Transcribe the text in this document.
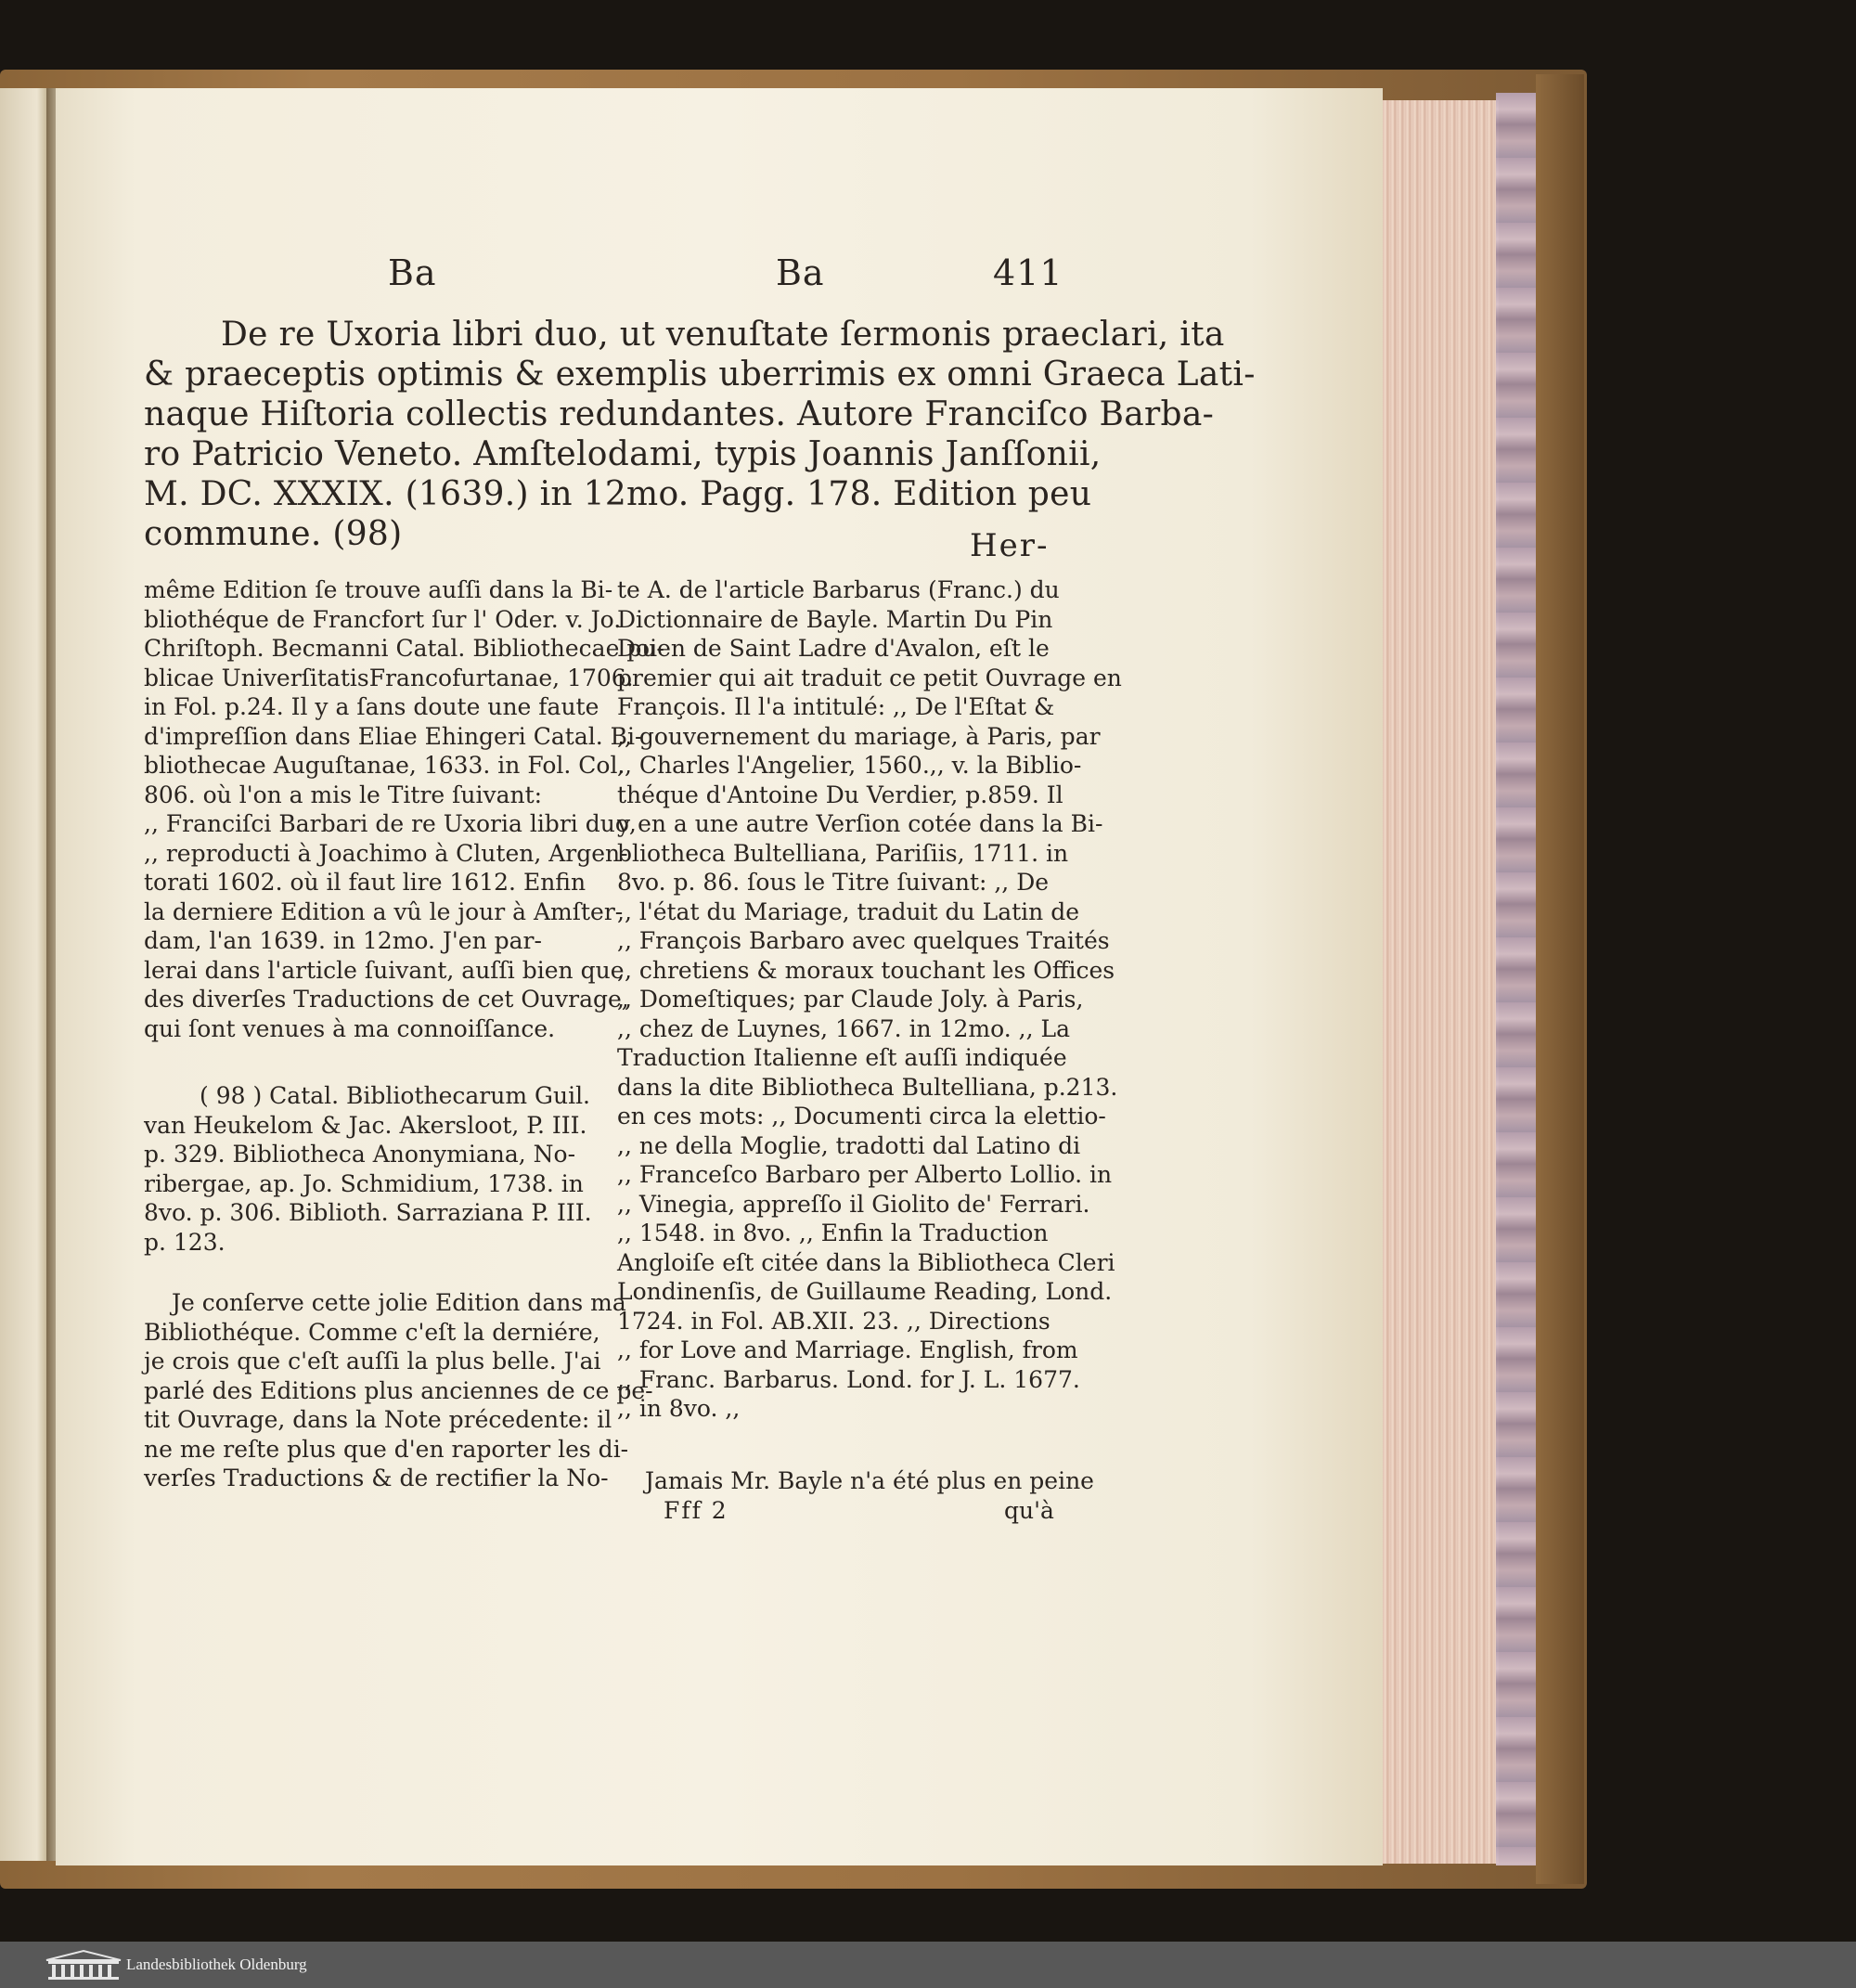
Ba	Ba	411
De re Uxoria libri duo, ut venuſtate ſermonis praeclari, ita
& praeceptis optimis & exemplis uberrimis ex omni Graeca Lati-
naque Hiſtoria collectis redundantes. Autore Franciſco Barba-
ro Patricio Veneto. Amſtelodami, typis Joannis Janſſonii,
M. DC. XXXIX. (1639.) in 12mo. Pagg. 178. Edition peu
commune. (98)	Her-

même Edition ſe trouve auſſi dans la Bi-

bliothéque de Francfort ſur l' Oder. v. Jo.

Chriſtoph. Becmanni Catal. Bibliothecae pu-

blicae UniverſitatisFrancofurtanae, 1706.

in Fol. p.24. Il y a ſans doute une faute

d'impreſſion dans Eliae Ehingeri Catal. Bi-

bliothecae Auguſtanae, 1633. in Fol. Col.

806. où l'on a mis le Titre ſuivant:

,, Franciſci Barbari de re Uxoria libri duo,

,, reproducti à Joachimo à Cluten, Argen-

torati 1602. où il faut lire 1612. Enfin

la derniere Edition a vû le jour à Amſter-

dam, l'an 1639. in 12mo. J'en par-

lerai dans l'article ſuivant, auſſi bien que

des diverſes Traductions de cet Ouvrage,

qui ſont venues à ma connoiſſance.

( 98 ) Catal. Bibliothecarum Guil.

van Heukelom & Jac. Akersloot, P. III.

p. 329. Bibliotheca Anonymiana, No-

ribergae, ap. Jo. Schmidium, 1738. in

8vo. p. 306. Biblioth. Sarraziana P. III.

p. 123.

Je conſerve cette jolie Edition dans ma

Bibliothéque. Comme c'eſt la derniére,

je crois que c'eſt auſſi la plus belle. J'ai

parlé des Editions plus anciennes de ce pe-

tit Ouvrage, dans la Note précedente: il

ne me reſte plus que d'en raporter les di-

verſes Traductions & de rectifier la No-

te A. de l'article Barbarus (Franc.) du

Dictionnaire de Bayle. Martin Du Pin

Doien de Saint Ladre d'Avalon, eſt le

premier qui ait traduit ce petit Ouvrage en

François. Il l'a intitulé: ,, De l'Eſtat &

,, gouvernement du mariage, à Paris, par

,, Charles l'Angelier, 1560.,, v. la Biblio-

théque d'Antoine Du Verdier, p.859. Il

y en a une autre Verſion cotée dans la Bi-

bliotheca Bultelliana, Pariſiis, 1711. in

8vo. p. 86. ſous le Titre ſuivant: ,, De

,, l'état du Mariage, traduit du Latin de

,, François Barbaro avec quelques Traités

,, chretiens & moraux touchant les Offices

,, Domeſtiques; par Claude Joly. à Paris,

,, chez de Luynes, 1667. in 12mo. ,, La

Traduction Italienne eſt auſſi indiquée

dans la dite Bibliotheca Bultelliana, p.213.

en ces mots: ,, Documenti circa la elettio-

,, ne della Moglie, tradotti dal Latino di

,, Franceſco Barbaro per Alberto Lollio. in

,, Vinegia, appreſſo il Giolito de' Ferrari.

,, 1548. in 8vo. ,, Enfin la Traduction

Angloiſe eſt citée dans la Bibliotheca Cleri

Londinenſis, de Guillaume Reading, Lond.

1724. in Fol. AB.XII. 23. ,, Directions

,, for Love and Marriage. English, from

,, Franc. Barbarus. Lond. for J. L. 1677.

,, in 8vo. ,,

Jamais Mr. Bayle n'a été plus en peine
Fff 2	qu'à
Landesbibliothek Oldenburg
